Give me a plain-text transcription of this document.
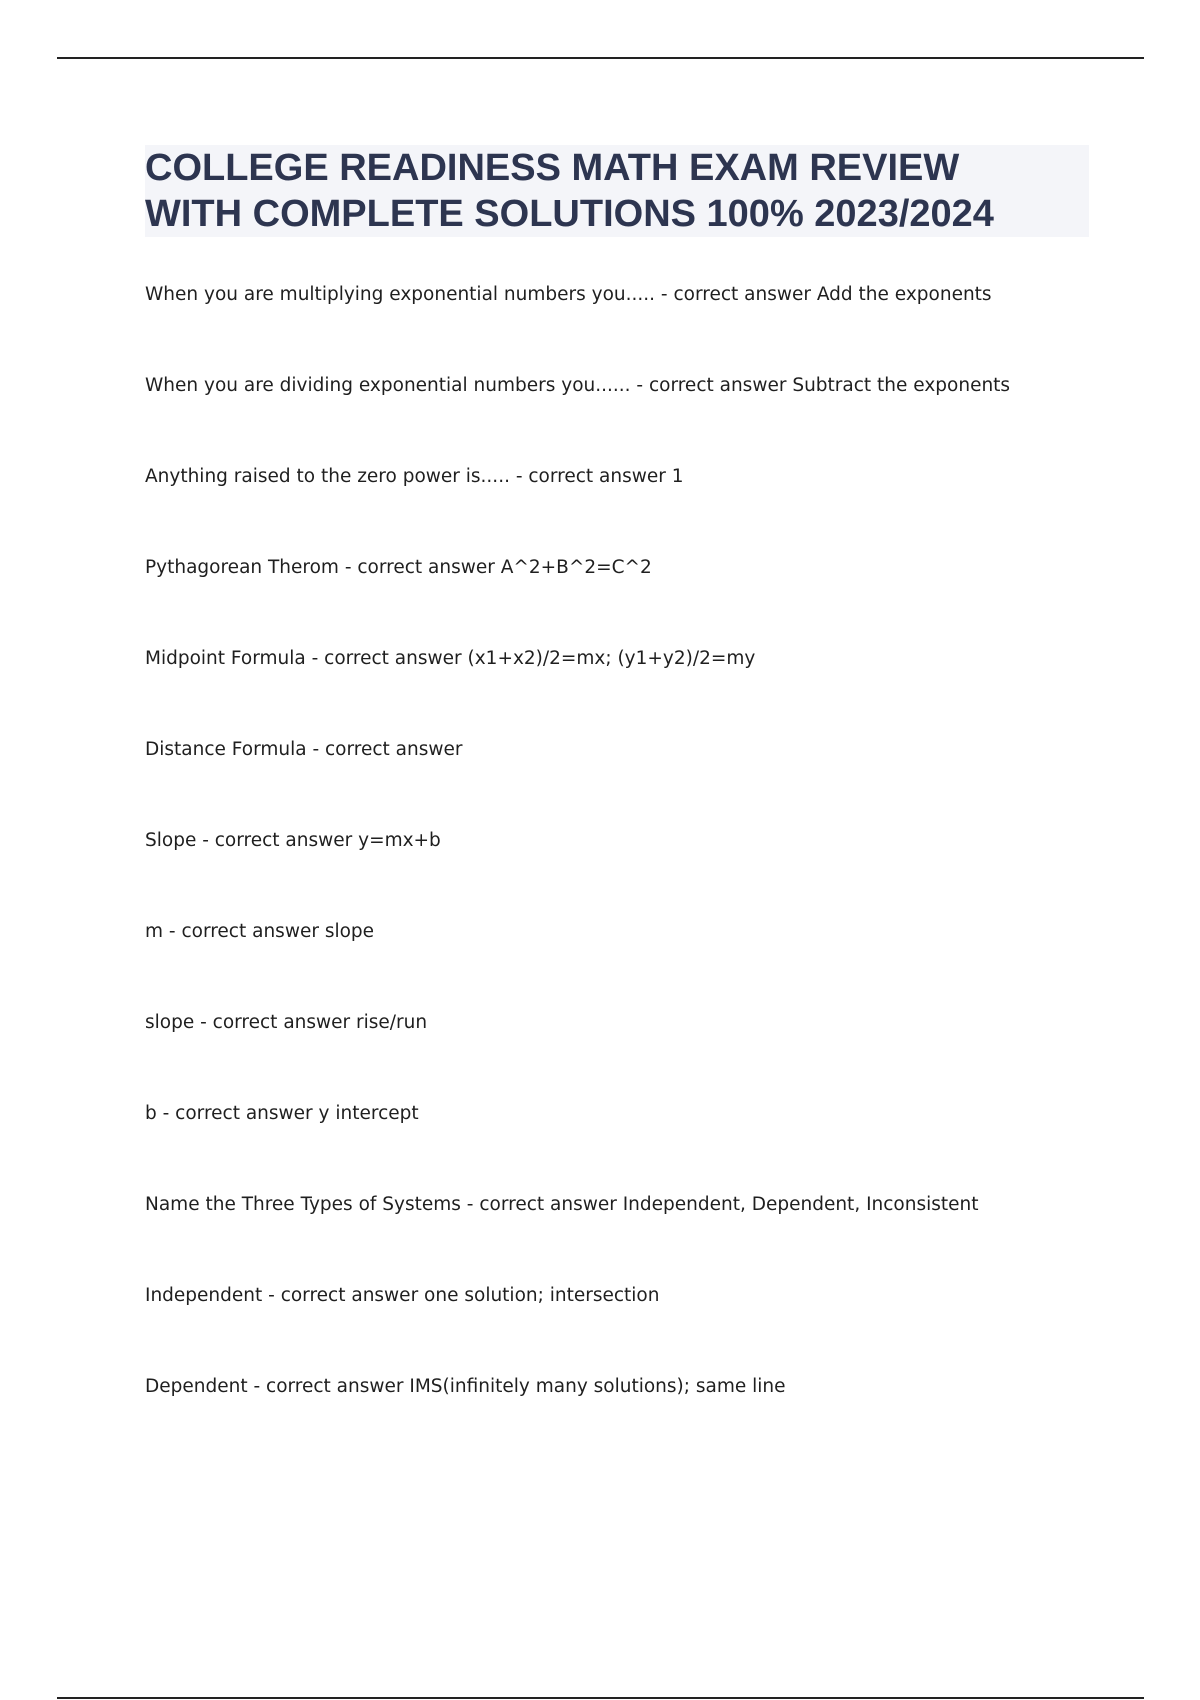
COLLEGE READINESS MATH EXAM REVIEW
WITH COMPLETE SOLUTIONS 100% 2023/2024
When you are multiplying exponential numbers you..... - correct answer Add the exponents
When you are dividing exponential numbers you...... - correct answer Subtract the exponents
Anything raised to the zero power is..... - correct answer 1
Pythagorean Therom - correct answer A^2+B^2=C^2
Midpoint Formula - correct answer (x1+x2)/2=mx; (y1+y2)/2=my
Distance Formula - correct answer
Slope - correct answer y=mx+b
m - correct answer slope
slope - correct answer rise/run
b - correct answer y intercept
Name the Three Types of Systems - correct answer Independent, Dependent, Inconsistent
Independent - correct answer one solution; intersection
Dependent - correct answer IMS(infinitely many solutions); same line
